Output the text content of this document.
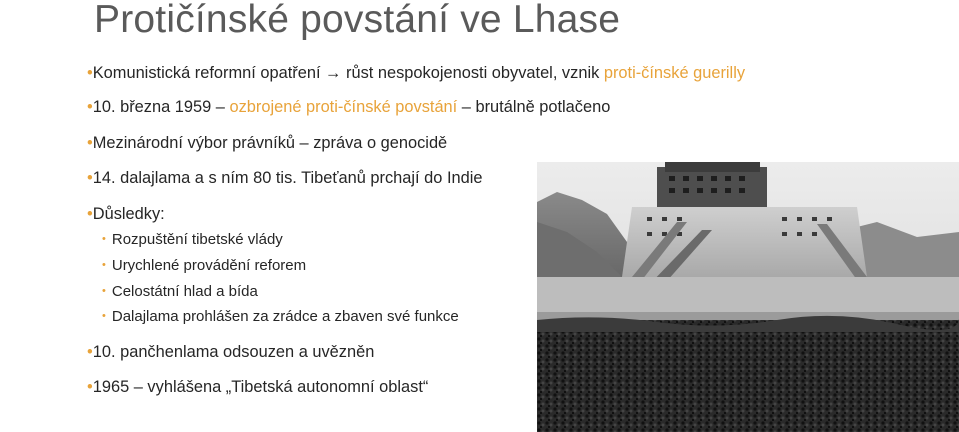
Protičínské povstání ve Lhase
•Komunistická reformní opatření → růst nespokojenosti obyvatel, vznik proti-čínské guerilly
•10. března 1959 – ozbrojené proti-čínské povstání – brutálně potlačeno
•Mezinárodní výbor právníků – zpráva o genocidě
•14. dalajlama a s ním 80 tis. Tibeťanů prchají do Indie
•Důsledky:
• Rozpuštění tibetské vlády
• Urychlené provádění reforem
• Celostátní hlad a bída
• Dalajlama prohlášen za zrádce a zbaven své funkce
•10. pančhenlama odsouzen a uvězněn
•1965 – vyhlášena „Tibetská autonomní oblast“
